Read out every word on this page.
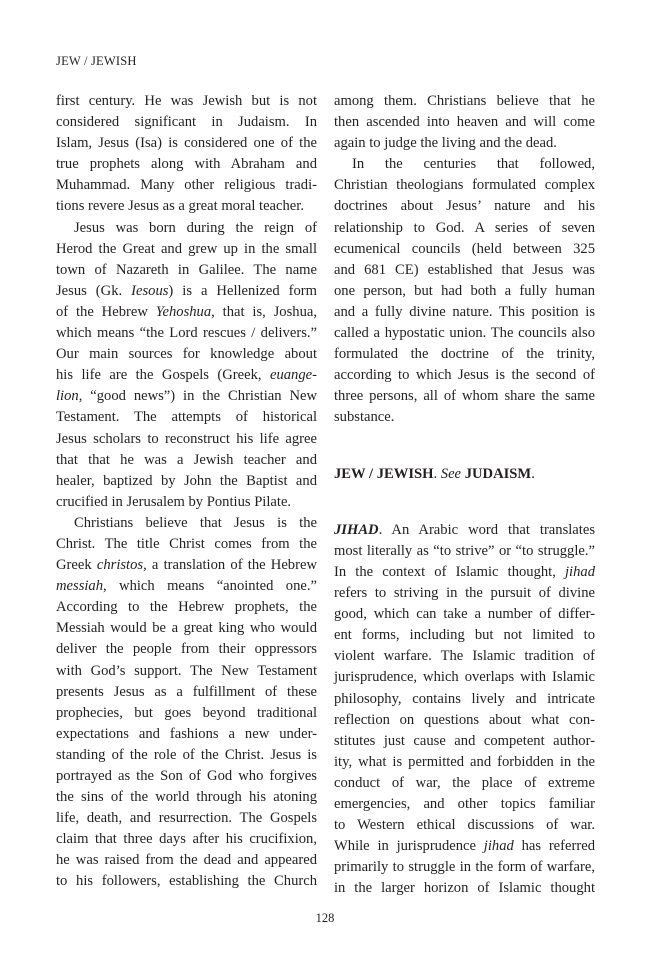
JEW / JEWISH
first century. He was Jewish but is not
considered significant in Judaism. In
Islam, Jesus (Isa) is considered one of the
true prophets along with Abraham and
Muhammad. Many other religious tradi-
tions revere Jesus as a great moral teacher.
Jesus was born during the reign of
Herod the Great and grew up in the small
town of Nazareth in Galilee. The name
Jesus (Gk. Iesous) is a Hellenized form
of the Hebrew Yehoshua, that is, Joshua,
which means “the Lord rescues / delivers.”
Our main sources for knowledge about
his life are the Gospels (Greek, euange-
lion, “good news”) in the Christian New
Testament. The attempts of historical
Jesus scholars to reconstruct his life agree
that that he was a Jewish teacher and
healer, baptized by John the Baptist and
crucified in Jerusalem by Pontius Pilate.
Christians believe that Jesus is the
Christ. The title Christ comes from the
Greek christos, a translation of the Hebrew
messiah, which means “anointed one.”
According to the Hebrew prophets, the
Messiah would be a great king who would
deliver the people from their oppressors
with God’s support. The New Testament
presents Jesus as a fulfillment of these
prophecies, but goes beyond traditional
expectations and fashions a new under-
standing of the role of the Christ. Jesus is
portrayed as the Son of God who forgives
the sins of the world through his atoning
life, death, and resurrection. The Gospels
claim that three days after his crucifixion,
he was raised from the dead and appeared
to his followers, establishing the Church
among them. Christians believe that he
then ascended into heaven and will come
again to judge the living and the dead.
In the centuries that followed,
Christian theologians formulated complex
doctrines about Jesus’ nature and his
relationship to God. A series of seven
ecumenical councils (held between 325
and 681 CE) established that Jesus was
one person, but had both a fully human
and a fully divine nature. This position is
called a hypostatic union. The councils also
formulated the doctrine of the trinity,
according to which Jesus is the second of
three persons, all of whom share the same
substance.
JEW / JEWISH. See JUDAISM.
JIHAD. An Arabic word that translates
most literally as “to strive” or “to struggle.”
In the context of Islamic thought, jihad
refers to striving in the pursuit of divine
good, which can take a number of differ-
ent forms, including but not limited to
violent warfare. The Islamic tradition of
jurisprudence, which overlaps with Islamic
philosophy, contains lively and intricate
reflection on questions about what con-
stitutes just cause and competent author-
ity, what is permitted and forbidden in the
conduct of war, the place of extreme
emergencies, and other topics familiar
to Western ethical discussions of war.
While in jurisprudence jihad has referred
primarily to struggle in the form of warfare,
in the larger horizon of Islamic thought
128
